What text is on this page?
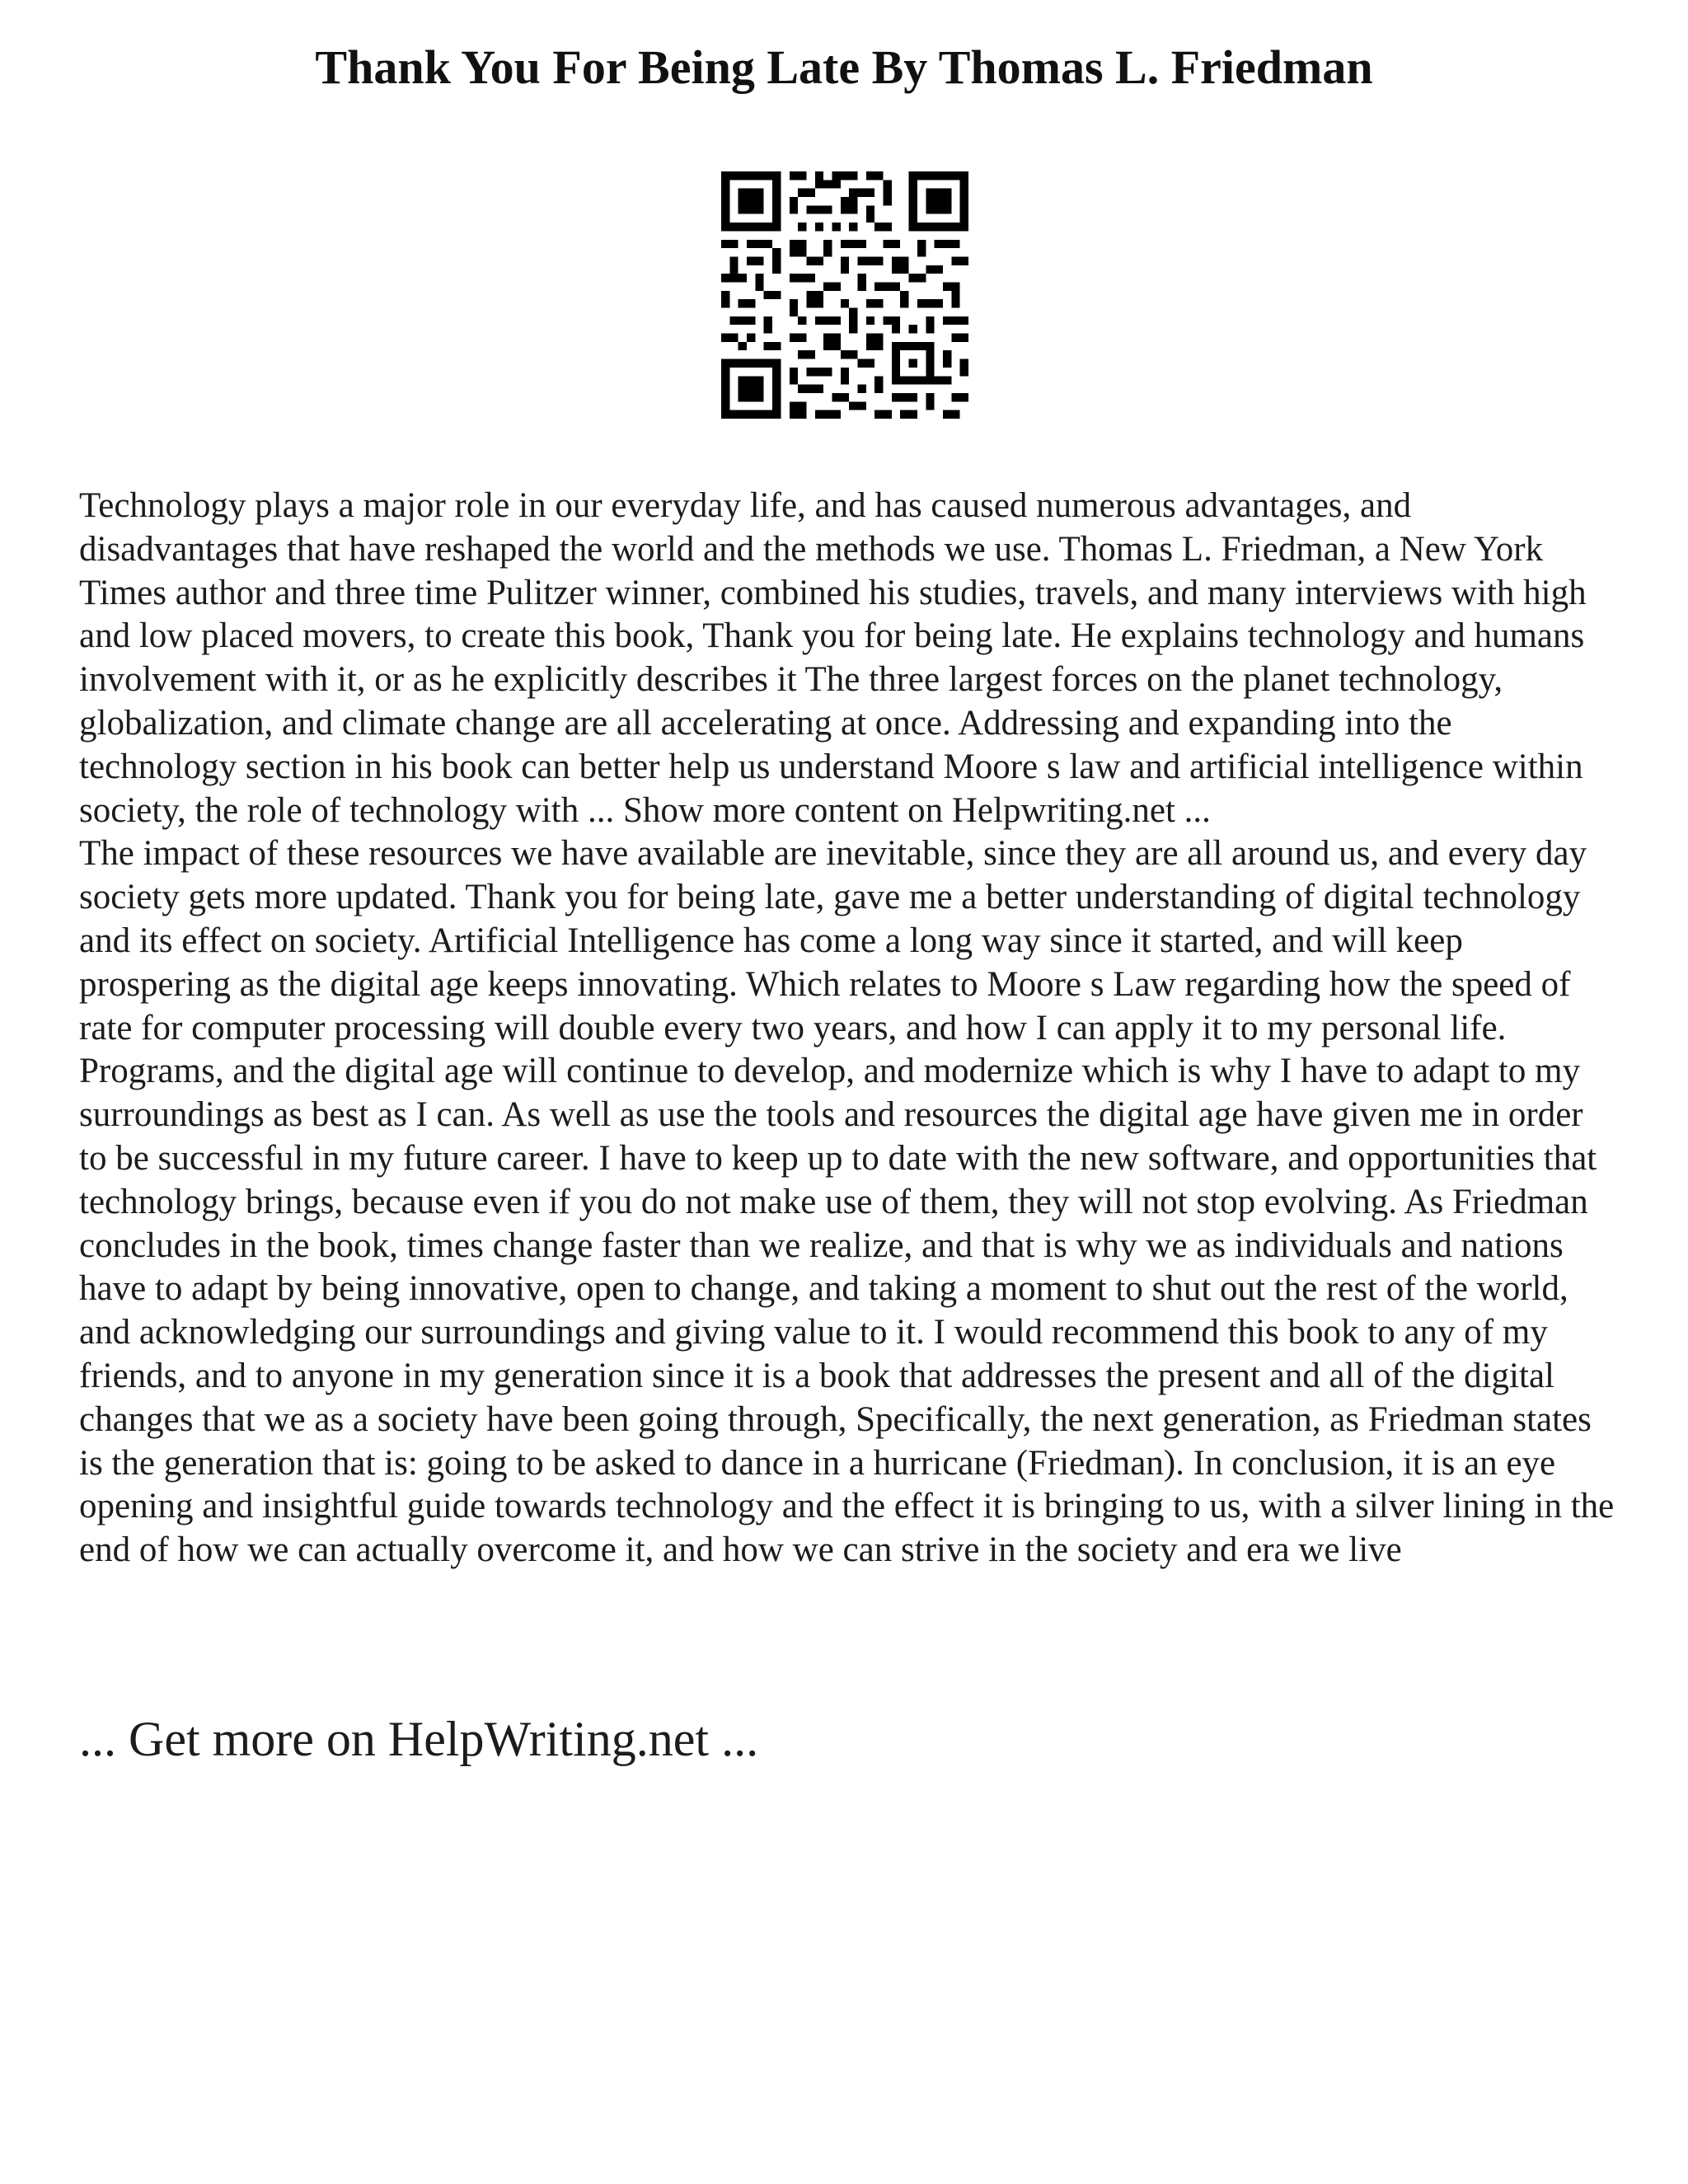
Thank You For Being Late By Thomas L. Friedman

Technology plays a major role in our everyday life, and has caused numerous advantages, and disadvantages that have reshaped the world and the methods we use. Thomas L. Friedman, a New York Times author and three time Pulitzer winner, combined his studies, travels, and many interviews with high and low placed movers, to create this book, Thank you for being late. He explains technology and humans involvement with it, or as he explicitly describes it The three largest forces on the planet technology, globalization, and climate change are all accelerating at once. Addressing and expanding into the technology section in his book can better help us understand Moore s law and artificial intelligence within society, the role of technology with ... Show more content on Helpwriting.net ...

The impact of these resources we have available are inevitable, since they are all around us, and every day society gets more updated. Thank you for being late, gave me a better understanding of digital technology and its effect on society. Artificial Intelligence has come a long way since it started, and will keep prospering as the digital age keeps innovating. Which relates to Moore s Law regarding how the speed of rate for computer processing will double every two years, and how I can apply it to my personal life. Programs, and the digital age will continue to develop, and modernize which is why I have to adapt to my surroundings as best as I can. As well as use the tools and resources the digital age have given me in order to be successful in my future career. I have to keep up to date with the new software, and opportunities that technology brings, because even if you do not make use of them, they will not stop evolving. As Friedman concludes in the book, times change faster than we realize, and that is why we as individuals and nations have to adapt by being innovative, open to change, and taking a moment to shut out the rest of the world, and acknowledging our surroundings and giving value to it. I would recommend this book to any of my friends, and to anyone in my generation since it is a book that addresses the present and all of the digital changes that we as a society have been going through, Specifically, the next generation, as Friedman states is the generation that is: going to be asked to dance in a hurricane (Friedman). In conclusion, it is an eye opening and insightful guide towards technology and the effect it is bringing to us, with a silver lining in the end of how we can actually overcome it, and how we can strive in the society and era we live

... Get more on HelpWriting.net ...
